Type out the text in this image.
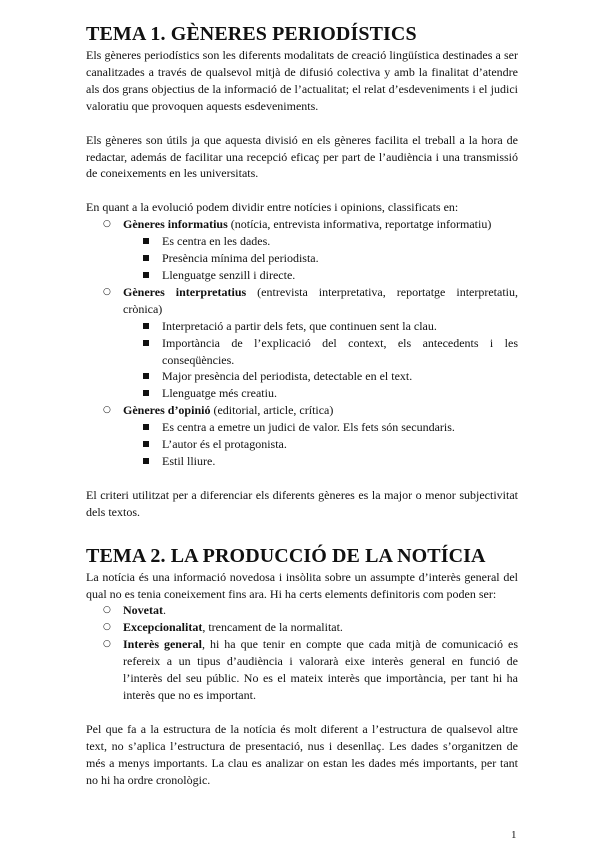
TEMA 1. GÈNERES PERIODÍSTICS

Els gèneres periodístics son les diferents modalitats de creació lingüística destinades a ser canalitzades a través de qualsevol mitjà de difusió colectiva y amb la finalitat d’atendre als dos grans objectius de la informació de l’actualitat; el relat d’esdeveniments i el judici valoratiu que provoquen aquests esdeveniments.

Els gèneres son útils ja que aquesta divisió en els gèneres facilita el treball a la hora de redactar, además de facilitar una recepció eficaç per part de l’audiència i una transmissió de coneixements en les universitats.

En quant a la evolució podem dividir entre notícies i opinions, classificats en:

○ Gèneres informatius (notícia, entrevista informativa, reportatge informatiu)
Es centra en les dades.
Presència mínima del periodista.
Llenguatge senzill i directe.
○ Gèneres interpretatius (entrevista interpretativa, reportatge interpretatiu, crònica)
Interpretació a partir dels fets, que continuen sent la clau.
Importància de l’explicació del context, els antecedents i les conseqüències.
Major presència del periodista, detectable en el text.
Llenguatge més creatiu.
○ Gèneres d’opinió (editorial, article, crítica)
Es centra a emetre un judici de valor. Els fets són secundaris.
L’autor és el protagonista.
Estil lliure.

El criteri utilitzat per a diferenciar els diferents gèneres es la major o menor subjectivitat dels textos.

TEMA 2. LA PRODUCCIÓ DE LA NOTÍCIA

La notícia és una informació novedosa i insòlita sobre un assumpte d’interès general del qual no es tenia coneixement fins ara. Hi ha certs elements definitoris com poden ser:

○ Novetat.
○ Excepcionalitat, trencament de la normalitat.
○ Interès general, hi ha que tenir en compte que cada mitjà de comunicació es refereix a un tipus d’audiència i valorarà eixe interès general en funció de l’interès del seu públic. No es el mateix interès que importància, per tant hi ha interès que no es important.

Pel que fa a la estructura de la notícia és molt diferent a l’estructura de qualsevol altre text, no s’aplica l’estructura de presentació, nus i desenllaç. Les dades s’organitzen de més a menys importants. La clau es analizar on estan les dades més importants, per tant no hi ha ordre cronològic.

1
